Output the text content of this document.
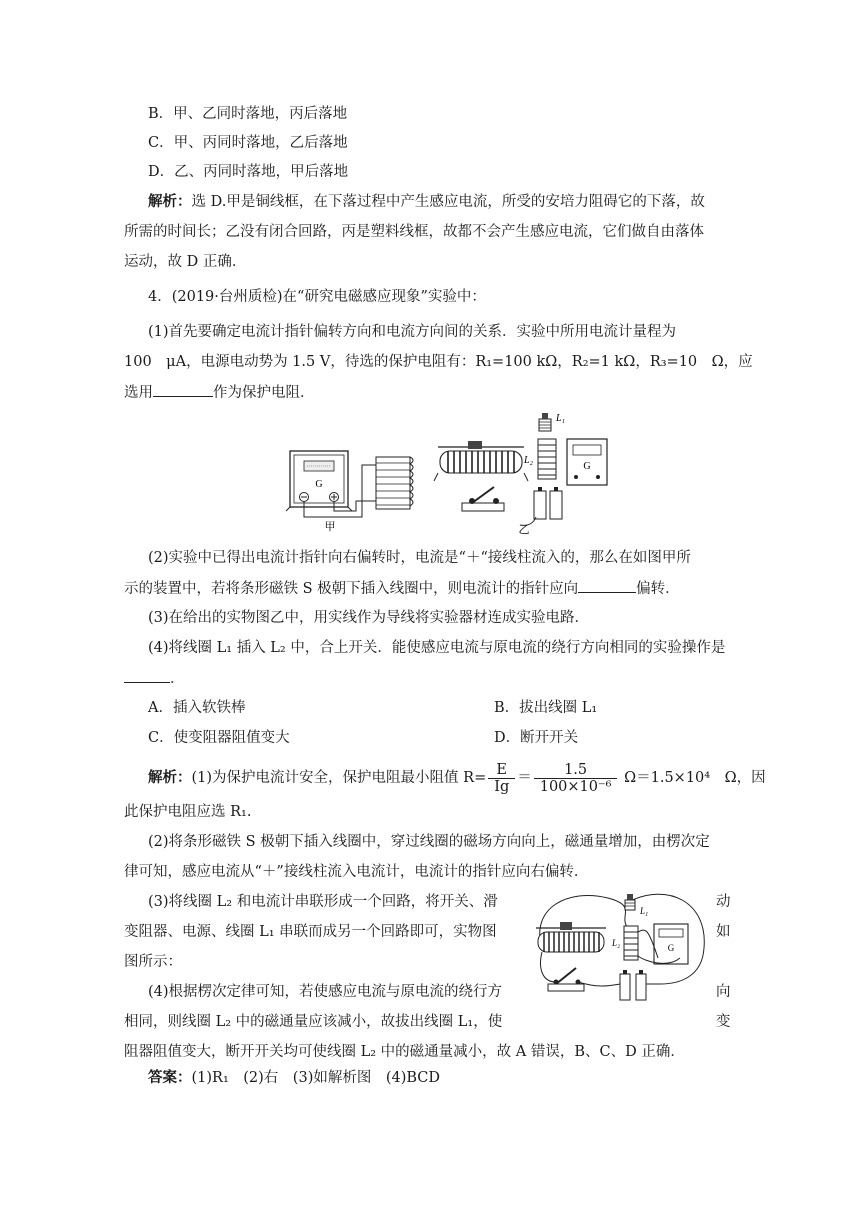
B．甲、乙同时落地，丙后落地
C．甲、丙同时落地，乙后落地
D．乙、丙同时落地，甲后落地
解析：选 D.甲是铜线框，在下落过程中产生感应电流，所受的安培力阻碍它的下落，故
所需的时间长；乙没有闭合回路，丙是塑料线框，故都不会产生感应电流，它们做自由落体
运动，故 D 正确．
4．(2019·台州质检)在“研究电磁感应现象”实验中：
(1)首先要确定电流计指针偏转方向和电流方向间的关系．实验中所用电流计量程为
100　μA，电源电动势为 1.5 V，待选的保护电阻有：R₁=100 kΩ，R₂=1 kΩ，R₃=10　Ω，应
选用	作为保护电阻．
G
甲
L₁
L₂
G
乙
(2)实验中已得出电流计指针向右偏转时，电流是“＋“接线柱流入的，那么在如图甲所
示的装置中，若将条形磁铁 S 极朝下插入线圈中，则电流计的指针应向	偏转．
(3)在给出的实物图乙中，用实线作为导线将实验器材连成实验电路．
(4)将线圈 L₁ 插入 L₂ 中，合上开关．能使感应电流与原电流的绕行方向相同的实验操作是
．
A．插入软铁棒	B．拔出线圈 L₁
C．使变阻器阻值变大	D．断开开关
解析：(1)为保护电流计安全，保护电阻最小阻值 $R= \frac{E}{Ig} = \frac{1.5}{\text{100×10⁻⁶}} \Omega=1.5\times 10^4$　Ω，因
此保护电阻应选 R₁.
(2)将条形磁铁 S 极朝下插入线圈中，穿过线圈的磁场方向向上，磁通量增加，由楞次定
律可知，感应电流从“＋”接线柱流入电流计，电流计的指针应向右偏转．
(3)将线圈 L₂ 和电流计串联形成一个回路，将开关、滑	动
变阻器、电源、线圈 L₁ 串联而成另一个回路即可，实物图	如
图所示：
(4)根据楞次定律可知，若使感应电流与原电流的绕行方	向
相同，则线圈 L₂ 中的磁通量应该减小，故拔出线圈 L₁，使	变
阻器阻值变大，断开开关均可使线圈 L₂ 中的磁通量减小，故 A 错误，B、C、D 正确．
L₁
L₂	G
答案：(1)R₁　(2)右　(3)如解析图　(4)BCD
